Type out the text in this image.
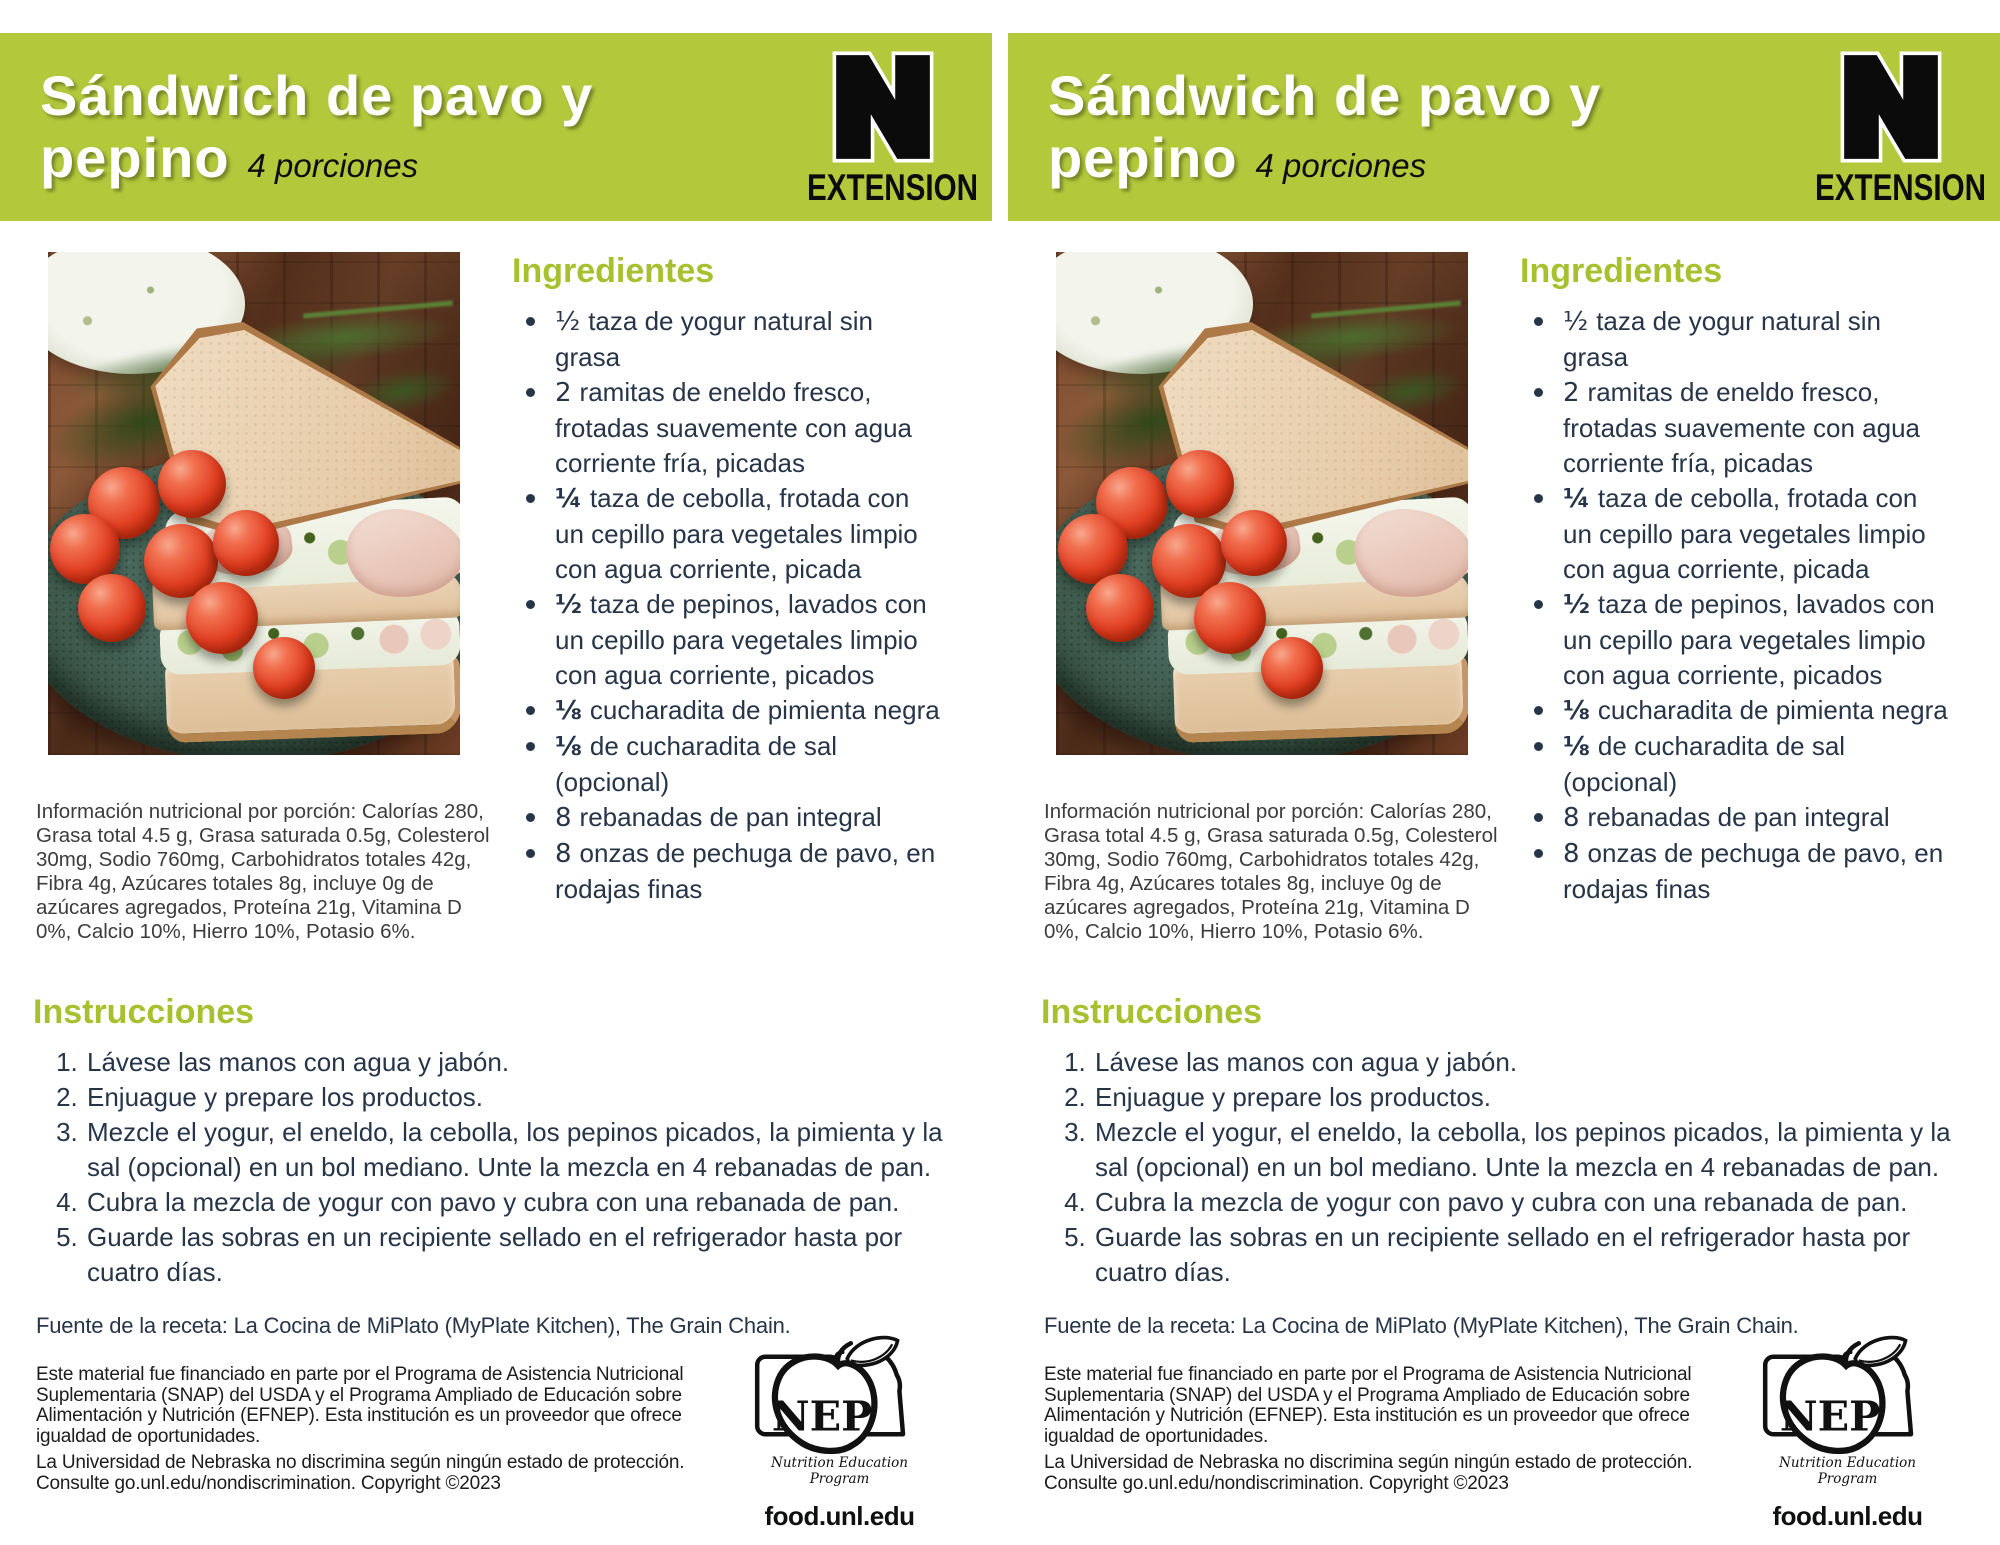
Sándwich de pavo y
pepino 4 porciones
EXTENSION
Ingredientes
½ taza de yogur natural sin grasa
2 ramitas de eneldo fresco, frotadas suavemente con agua corriente fría, picadas
¼ taza de cebolla, frotada con un cepillo para vegetales limpio con agua corriente, picada
½ taza de pepinos, lavados con un cepillo para vegetales limpio con agua corriente, picados
⅛ cucharadita de pimienta negra
⅛ de cucharadita de sal (opcional)
8 rebanadas de pan integral
8 onzas de pechuga de pavo, en rodajas finas

Información nutricional por porción: Calorías 280, Grasa total 4.5 g, Grasa saturada 0.5g, Colesterol 30mg, Sodio 760mg, Carbohidratos totales 42g, Fibra 4g, Azúcares totales 8g, incluye 0g de azúcares agregados, Proteína 21g, Vitamina D 0%, Calcio 10%, Hierro 10%, Potasio 6%.

Instrucciones
1. Lávese las manos con agua y jabón.
2. Enjuague y prepare los productos.
3. Mezcle el yogur, el eneldo, la cebolla, los pepinos picados, la pimienta y la sal (opcional) en un bol mediano. Unte la mezcla en 4 rebanadas de pan.
4. Cubra la mezcla de yogur con pavo y cubra con una rebanada de pan.
5. Guarde las sobras en un recipiente sellado en el refrigerador hasta por cuatro días.

Fuente de la receta: La Cocina de MiPlato (MyPlate Kitchen), The Grain Chain.

Este material fue financiado en parte por el Programa de Asistencia Nutricional Suplementaria (SNAP) del USDA y el Programa Ampliado de Educación sobre Alimentación y Nutrición (EFNEP). Esta institución es un proveedor que ofrece igualdad de oportunidades.

La Universidad de Nebraska no discrimina según ningún estado de protección. Consulte go.unl.edu/nondiscrimination. Copyright ©2023

NEP
Nutrition Education Program
food.unl.edu
Sándwich de pavo y
pepino 4 porciones
EXTENSION
Ingredientes
½ taza de yogur natural sin grasa
2 ramitas de eneldo fresco, frotadas suavemente con agua corriente fría, picadas
¼ taza de cebolla, frotada con un cepillo para vegetales limpio con agua corriente, picada
½ taza de pepinos, lavados con un cepillo para vegetales limpio con agua corriente, picados
⅛ cucharadita de pimienta negra
⅛ de cucharadita de sal (opcional)
8 rebanadas de pan integral
8 onzas de pechuga de pavo, en rodajas finas

Información nutricional por porción: Calorías 280, Grasa total 4.5 g, Grasa saturada 0.5g, Colesterol 30mg, Sodio 760mg, Carbohidratos totales 42g, Fibra 4g, Azúcares totales 8g, incluye 0g de azúcares agregados, Proteína 21g, Vitamina D 0%, Calcio 10%, Hierro 10%, Potasio 6%.

Instrucciones
1. Lávese las manos con agua y jabón.
2. Enjuague y prepare los productos.
3. Mezcle el yogur, el eneldo, la cebolla, los pepinos picados, la pimienta y la sal (opcional) en un bol mediano. Unte la mezcla en 4 rebanadas de pan.
4. Cubra la mezcla de yogur con pavo y cubra con una rebanada de pan.
5. Guarde las sobras en un recipiente sellado en el refrigerador hasta por cuatro días.

Fuente de la receta: La Cocina de MiPlato (MyPlate Kitchen), The Grain Chain.

Este material fue financiado en parte por el Programa de Asistencia Nutricional Suplementaria (SNAP) del USDA y el Programa Ampliado de Educación sobre Alimentación y Nutrición (EFNEP). Esta institución es un proveedor que ofrece igualdad de oportunidades.

La Universidad de Nebraska no discrimina según ningún estado de protección. Consulte go.unl.edu/nondiscrimination. Copyright ©2023

NEP
Nutrition Education Program
food.unl.edu
